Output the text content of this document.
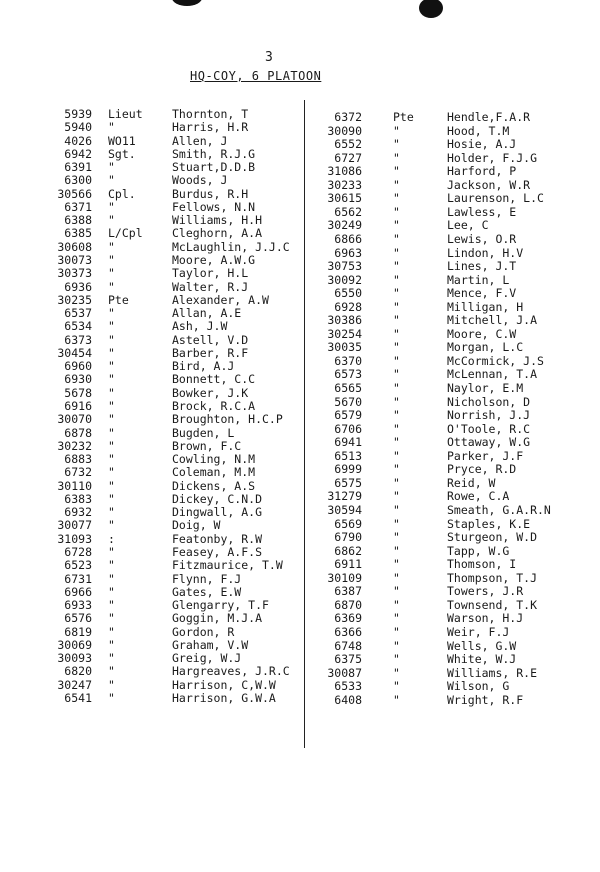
3
HQ-COY, 6 PLATOON
5939 Lieut	Thornton, T
5940 "	Harris, H.R
4026 WO11	Allen, J
6942 Sgt.	Smith, R.J.G
6391 "	Stuart,D.D.B
6300 "	Woods, J
30566 Cpl.	Burdus, R.H
6371 "	Fellows, N.N
6388 "	Williams, H.H
6385 L/Cpl	Cleghorn, A.A
30608 "	McLaughlin, J.J.C
30073 "	Moore, A.W.G
30373 "	Taylor, H.L
6936 "	Walter, R.J
30235 Pte	Alexander, A.W
6537 "	Allan, A.E
6534 "	Ash, J.W
6373 "	Astell, V.D
30454 "	Barber, R.F
6960 "	Bird, A.J
6930 "	Bonnett, C.C
5678 "	Bowker, J.K
6916 "	Brock, R.C.A
30070 "	Broughton, H.C.P
6878 "	Bugden, L
30232 "	Brown, F.C
6883 "	Cowling, N.M
6732 "	Coleman, M.M
30110 "	Dickens, A.S
6383 "	Dickey, C.N.D
6932 "	Dingwall, A.G
30077 "	Doig, W
31093 :	Featonby, R.W
6728 "	Feasey, A.F.S
6523 "	Fitzmaurice, T.W
6731 "	Flynn, F.J
6966 "	Gates, E.W
6933 "	Glengarry, T.F
6576 "	Goggin, M.J.A
6819 "	Gordon, R
30069 "	Graham, V.W
30093 "	Greig, W.J
6820 "	Hargreaves, J.R.C
30247 "	Harrison, C,W.W
6541 "	Harrison, G.W.A
6372	Pte	Hendle,F.A.R
30090	"	Hood, T.M
6552	"	Hosie, A.J
6727	"	Holder, F.J.G
31086	"	Harford, P
30233	"	Jackson, W.R
30615	"	Laurenson, L.C
6562	"	Lawless, E
30249	"	Lee, C
6866	"	Lewis, O.R
6963	"	Lindon, H.V
30753	"	Lines, J.T
30092	"	Martin, L
6550	"	Mence, F.V
6928	"	Milligan, H
30386	"	Mitchell, J.A
30254	"	Moore, C.W
30035	"	Morgan, L.C
6370	"	McCormick, J.S
6573	"	McLennan, T.A
6565	"	Naylor, E.M
5670	"	Nicholson, D
6579	"	Norrish, J.J
6706	"	O'Toole, R.C
6941	"	Ottaway, W.G
6513	"	Parker, J.F
6999	"	Pryce, R.D
6575	"	Reid, W
31279	"	Rowe, C.A
30594	"	Smeath, G.A.R.N
6569	"	Staples, K.E
6790	"	Sturgeon, W.D
6862	"	Tapp, W.G
6911	"	Thomson, I
30109	"	Thompson, T.J
6387	"	Towers, J.R
6870	"	Townsend, T.K
6369	"	Warson, H.J
6366	"	Weir, F.J
6748	"	Wells, G.W
6375	"	White, W.J
30087	"	Williams, R.E
6533	"	Wilson, G
6408	"	Wright, R.F
